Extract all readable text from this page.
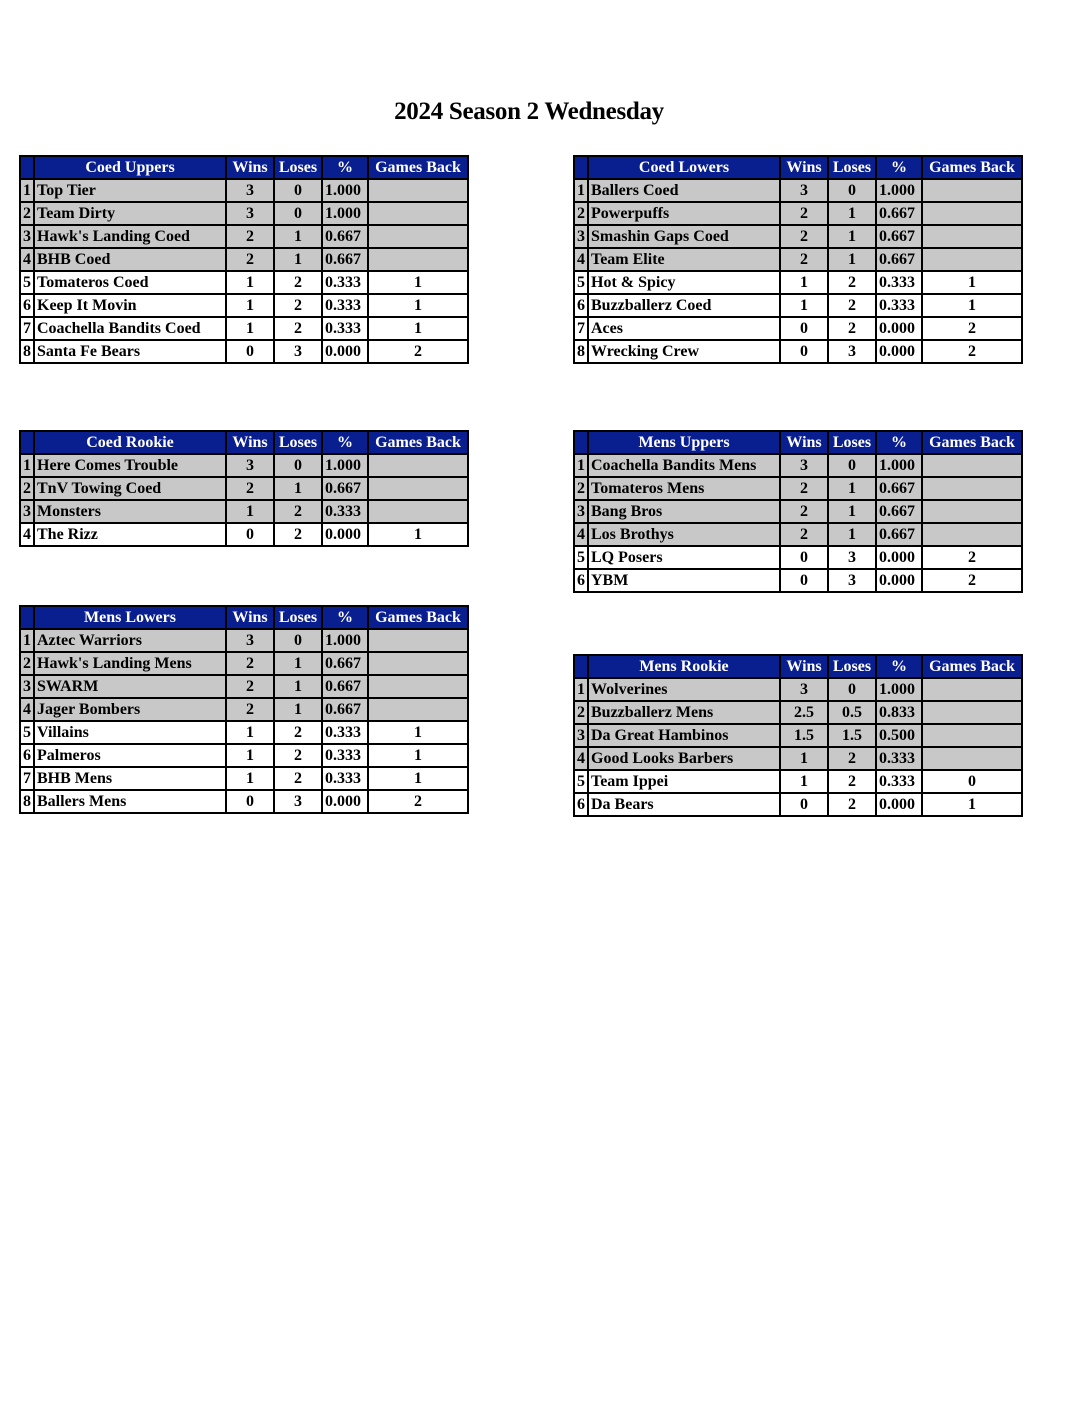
2024 Season 2 Wednesday
	Coed Uppers	Wins	Loses	%	Games Back
1	Top Tier	3	0	1.000	
2	Team Dirty	3	0	1.000	
3	Hawk's Landing Coed	2	1	0.667	
4	BHB Coed	2	1	0.667	
5	Tomateros Coed	1	2	0.333	1
6	Keep It Movin	1	2	0.333	1
7	Coachella Bandits Coed	1	2	0.333	1
8	Santa Fe Bears	0	3	0.000	2
	Coed Lowers	Wins	Loses	%	Games Back
1	Ballers Coed	3	0	1.000	
2	Powerpuffs	2	1	0.667	
3	Smashin Gaps Coed	2	1	0.667	
4	Team Elite	2	1	0.667	
5	Hot & Spicy	1	2	0.333	1
6	Buzzballerz Coed	1	2	0.333	1
7	Aces	0	2	0.000	2
8	Wrecking Crew	0	3	0.000	2
	Coed Rookie	Wins	Loses	%	Games Back
1	Here Comes Trouble	3	0	1.000	
2	TnV Towing Coed	2	1	0.667	
3	Monsters	1	2	0.333	
4	The Rizz	0	2	0.000	1
	Mens Uppers	Wins	Loses	%	Games Back
1	Coachella Bandits Mens	3	0	1.000	
2	Tomateros Mens	2	1	0.667	
3	Bang Bros	2	1	0.667	
4	Los Brothys	2	1	0.667	
5	LQ Posers	0	3	0.000	2
6	YBM	0	3	0.000	2
	Mens Lowers	Wins	Loses	%	Games Back
1	Aztec Warriors	3	0	1.000	
2	Hawk's Landing Mens	2	1	0.667	
3	SWARM	2	1	0.667	
4	Jager Bombers	2	1	0.667	
5	Villains	1	2	0.333	1
6	Palmeros	1	2	0.333	1
7	BHB Mens	1	2	0.333	1
8	Ballers Mens	0	3	0.000	2
	Mens Rookie	Wins	Loses	%	Games Back
1	Wolverines	3	0	1.000	
2	Buzzballerz Mens	2.5	0.5	0.833	
3	Da Great Hambinos	1.5	1.5	0.500	
4	Good Looks Barbers	1	2	0.333	
5	Team Ippei	1	2	0.333	0
6	Da Bears	0	2	0.000	1
